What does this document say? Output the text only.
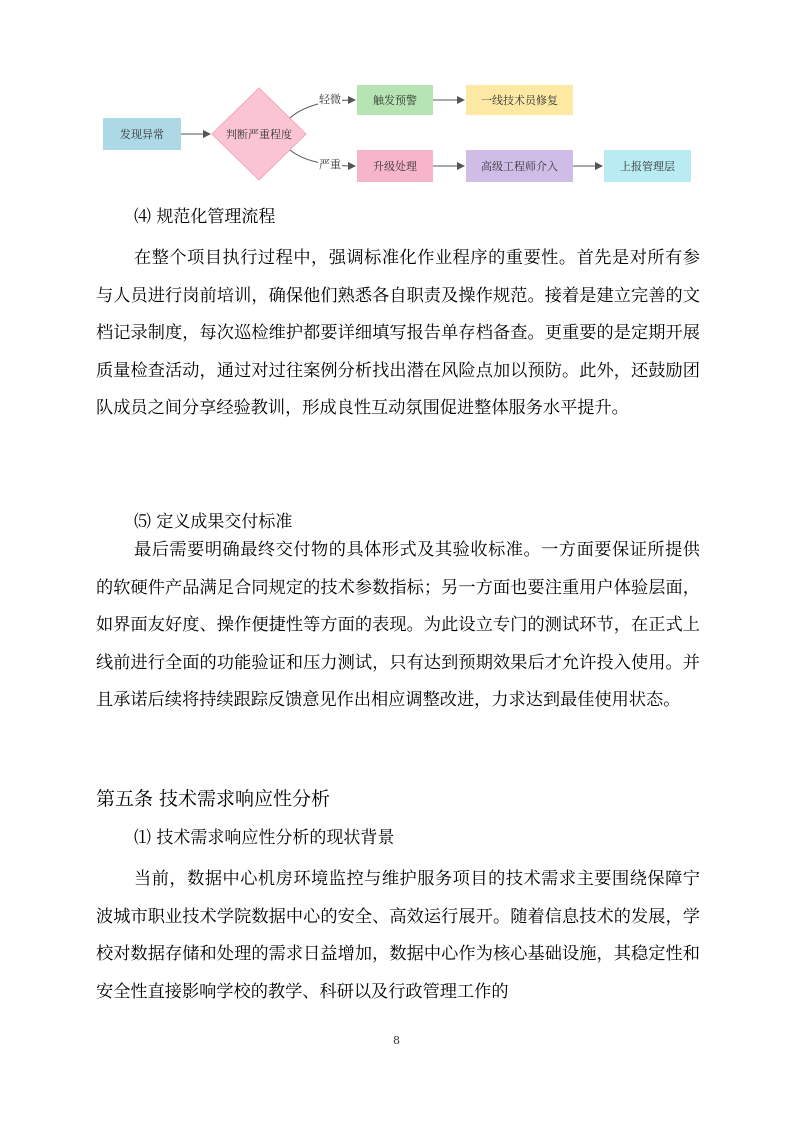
发现异常	判断严重程度
轻微
严重
触发预警	一线技术员修复
升级处理	高级工程师介入	上报管理层
⑷ 规范化管理流程

在整个项目执行过程中，强调标准化作业程序的重要性。首先是对所有参与人员进行岗前培训，确保他们熟悉各自职责及操作规范。接着是建立完善的文档记录制度，每次巡检维护都要详细填写报告单存档备查。更重要的是定期开展质量检查活动，通过对过往案例分析找出潜在风险点加以预防。此外，还鼓励团队成员之间分享经验教训，形成良性互动氛围促进整体服务水平提升。

⑸ 定义成果交付标准

最后需要明确最终交付物的具体形式及其验收标准。一方面要保证所提供的软硬件产品满足合同规定的技术参数指标；另一方面也要注重用户体验层面，如界面友好度、操作便捷性等方面的表现。为此设立专门的测试环节，在正式上线前进行全面的功能验证和压力测试，只有达到预期效果后才允许投入使用。并且承诺后续将持续跟踪反馈意见作出相应调整改进，力求达到最佳使用状态。

第五条 技术需求响应性分析
⑴ 技术需求响应性分析的现状背景

当前，数据中心机房环境监控与维护服务项目的技术需求主要围绕保障宁波城市职业技术学院数据中心的安全、高效运行展开。随着信息技术的发展，学校对数据存储和处理的需求日益增加，数据中心作为核心基础设施，其稳定性和安全性直接影响学校的教学、科研以及行政管理工作的

8
